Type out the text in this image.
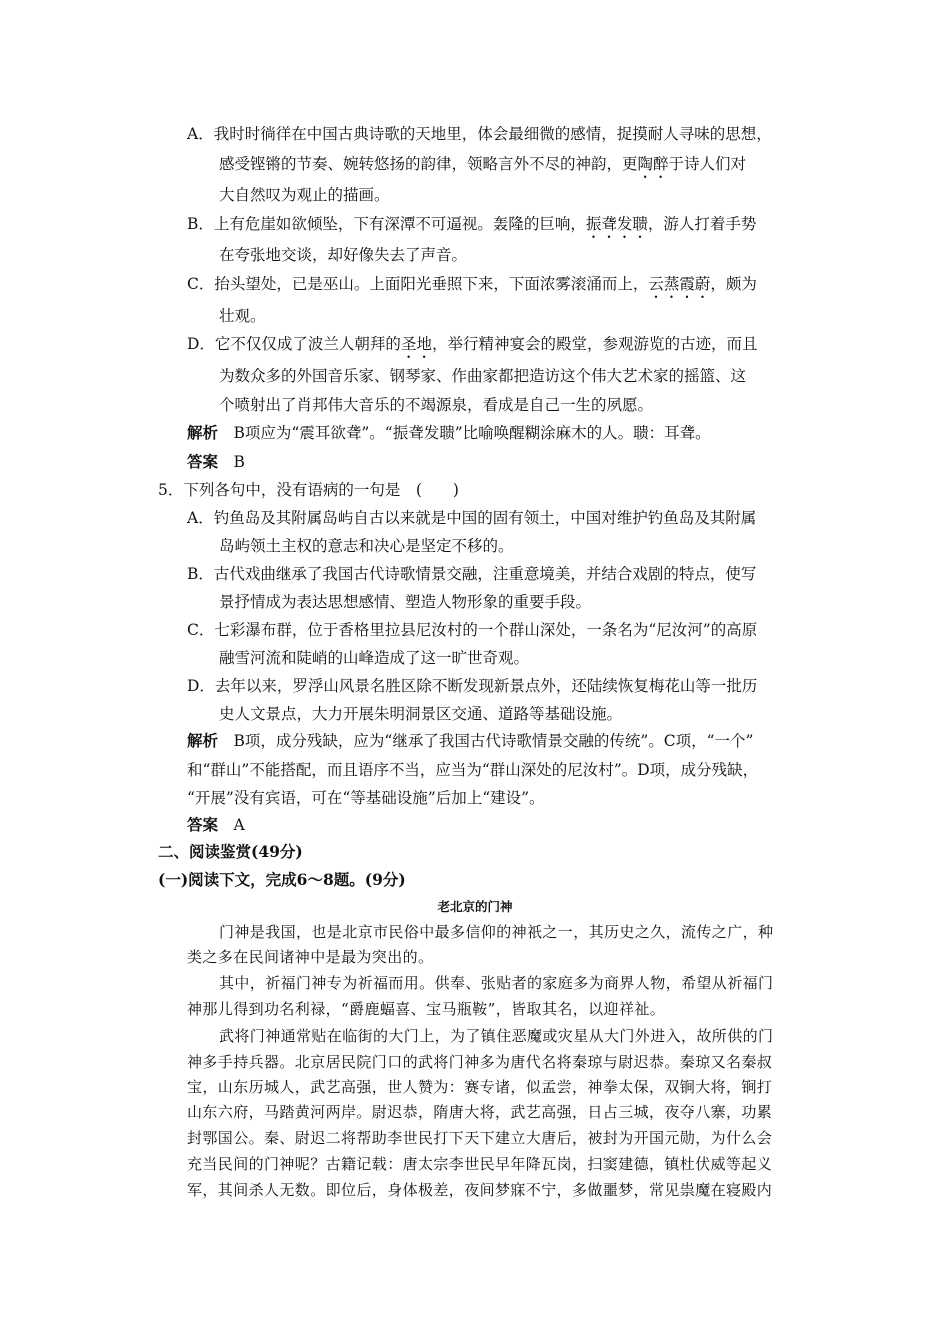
A．我时时徜徉在中国古典诗歌的天地里，体会最细微的感情，捉摸耐人寻味的思想，
感受铿锵的节奏、婉转悠扬的韵律，领略言外不尽的神韵，更陶醉于诗人们对
大自然叹为观止的描画。
B．上有危崖如欲倾坠，下有深潭不可逼视。轰隆的巨响，振聋发聩，游人打着手势
在夸张地交谈，却好像失去了声音。
C．抬头望处，已是巫山。上面阳光垂照下来，下面浓雾滚涌而上，云蒸霞蔚，颇为
壮观。
D．它不仅仅成了波兰人朝拜的圣地，举行精神宴会的殿堂，参观游览的古迹，而且
为数众多的外国音乐家、钢琴家、作曲家都把造访这个伟大艺术家的摇篮、这
个喷射出了肖邦伟大音乐的不竭源泉，看成是自己一生的夙愿。
解析　 B项应为“震耳欲聋”。“振聋发聩”比喻唤醒糊涂麻木的人。聩：耳聋。
答案　 B
5．下列各句中，没有语病的一句是　(　　)
A．钓鱼岛及其附属岛屿自古以来就是中国的固有领土，中国对维护钓鱼岛及其附属
岛屿领土主权的意志和决心是坚定不移的。
B．古代戏曲继承了我国古代诗歌情景交融，注重意境美，并结合戏剧的特点，使写
景抒情成为表达思想感情、塑造人物形象的重要手段。
C．七彩瀑布群，位于香格里拉县尼汝村的一个群山深处，一条名为“尼汝河”的高原
融雪河流和陡峭的山峰造成了这一旷世奇观。
D．去年以来，罗浮山风景名胜区除不断发现新景点外，还陆续恢复梅花山等一批历
史人文景点，大力开展朱明洞景区交通、道路等基础设施。
解析　 B项，成分残缺，应为“继承了我国古代诗歌情景交融的传统”。C项，“一个”
和“群山”不能搭配，而且语序不当，应当为“群山深处的尼汝村”。D项，成分残缺，
“开展”没有宾语，可在“等基础设施”后加上“建设”。
答案　 A
二、阅读鉴赏(49分)
(一)阅读下文，完成6～8题。(9分)
老北京的门神
门神是我国，也是北京市民俗中最多信仰的神祇之一，其历史之久，流传之广，种
类之多在民间诸神中是最为突出的。
其中，祈福门神专为祈福而用。供奉、张贴者的家庭多为商界人物，希望从祈福门
神那儿得到功名利禄，“爵鹿蝠喜、宝马瓶鞍”，皆取其名，以迎祥祉。
武将门神通常贴在临街的大门上，为了镇住恶魔或灾星从大门外进入，故所供的门
神多手持兵器。北京居民院门口的武将门神多为唐代名将秦琼与尉迟恭。秦琼又名秦叔
宝，山东历城人，武艺高强，世人赞为：赛专诸，似孟尝，神拳太保，双锏大将，锏打
山东六府，马踏黄河两岸。尉迟恭，隋唐大将，武艺高强，日占三城，夜夺八寨，功累
封鄂国公。秦、尉迟二将帮助李世民打下天下建立大唐后，被封为开国元勋，为什么会
充当民间的门神呢？古籍记载：唐太宗李世民早年降瓦岗，扫窦建德，镇杜伏威等起义
军，其间杀人无数。即位后，身体极差，夜间梦寐不宁，多做噩梦，常见祟魔在寝殿内
